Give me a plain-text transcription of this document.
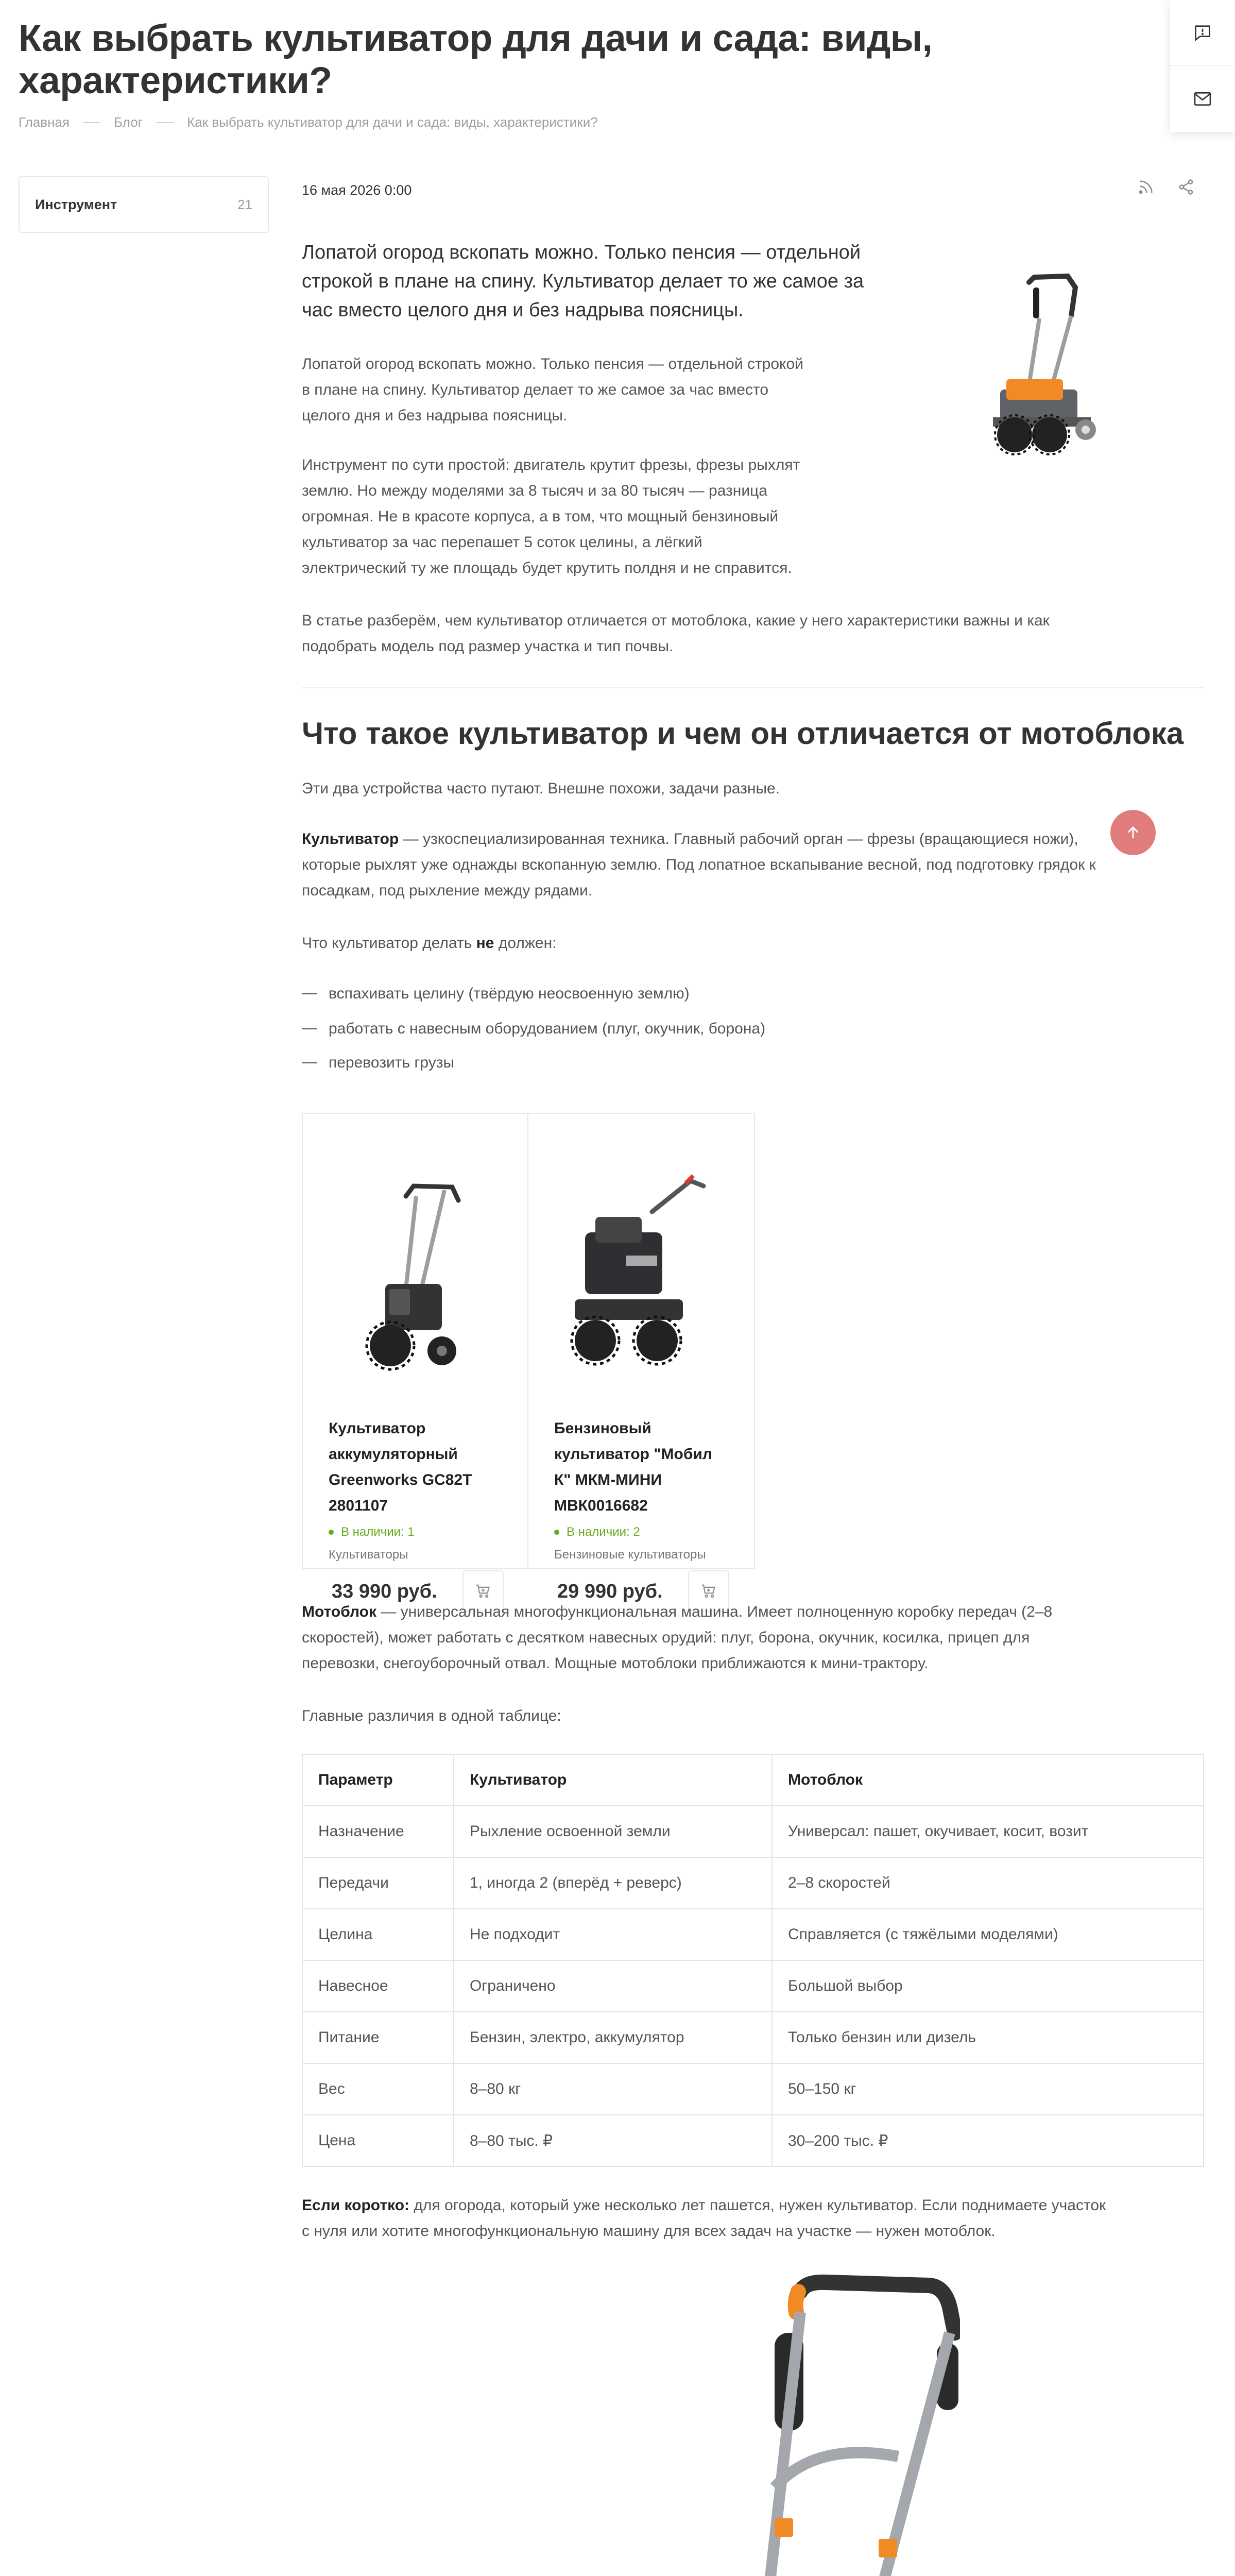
Как выбрать культиватор для дачи и сада: виды, характеристики?
Главная	Блог	Как выбрать культиватор для дачи и сада: виды, характеристики?
Инструмент	21
16 мая 2026 0:00

Лопатой огород вскопать можно. Только пенсия — отдельной строкой в плане на спину. Культиватор делает то же самое за час вместо целого дня и без надрыва поясницы.

Лопатой огород вскопать можно. Только пенсия — отдельной строкой
в плане на спину. Культиватор делает то же самое за час вместо
целого дня и без надрыва поясницы.
Инструмент по сути простой: двигатель крутит фрезы, фрезы рыхлят
землю. Но между моделями за 8 тысяч и за 80 тысяч — разница
огромная. Не в красоте корпуса, а в том, что мощный бензиновый
культиватор за час перепашет 5 соток целины, а лёгкий
электрический ту же площадь будет крутить полдня и не справится.
В статье разберём, чем культиватор отличается от мотоблока, какие у него характеристики важны и как
подобрать модель под размер участка и тип почвы.
Что такое культиватор и чем он отличается от мотоблока
Эти два устройства часто путают. Внешне похожи, задачи разные.
Культиватор — узкоспециализированная техника. Главный рабочий орган — фрезы (вращающиеся ножи),
которые рыхлят уже однажды вскопанную землю. Под лопатное вскапывание весной, под подготовку грядок к
посадкам, под рыхление между рядами.
Что культиватор делать не должен:
вспахивать целину (твёрдую неосвоенную землю)
работать с навесным оборудованием (плуг, окучник, борона)
перевозить грузы
Культиватор
аккумуляторный
Greenworks GC82T
2801107
В наличии: 1
Культиваторы
33 990 руб.
Бензиновый
культиватор "Мобил
К" МКМ-МИНИ
МВК0016682
В наличии: 2
Бензиновые культиваторы
29 990 руб.
Мотоблок — универсальная многофункциональная машина. Имеет полноценную коробку передач (2–8
скоростей), может работать с десятком навесных орудий: плуг, борона, окучник, косилка, прицеп для
перевозки, снегоуборочный отвал. Мощные мотоблоки приближаются к мини-трактору.
Главные различия в одной таблице:
Параметр	Культиватор	Мотоблок
Назначение	Рыхление освоенной земли	Универсал: пашет, окучивает, косит, возит
Передачи	1, иногда 2 (вперёд + реверс)	2–8 скоростей
Целина	Не подходит	Справляется (с тяжёлыми моделями)
Навесное	Ограничено	Большой выбор
Питание	Бензин, электро, аккумулятор	Только бензин или дизель
Вес	8–80 кг	50–150 кг
Цена	8–80 тыс. ₽	30–200 тыс. ₽
Если коротко: для огорода, который уже несколько лет пашется, нужен культиватор. Если поднимаете участок
с нуля или хотите многофункциональную машину для всех задач на участке — нужен мотоблок.
